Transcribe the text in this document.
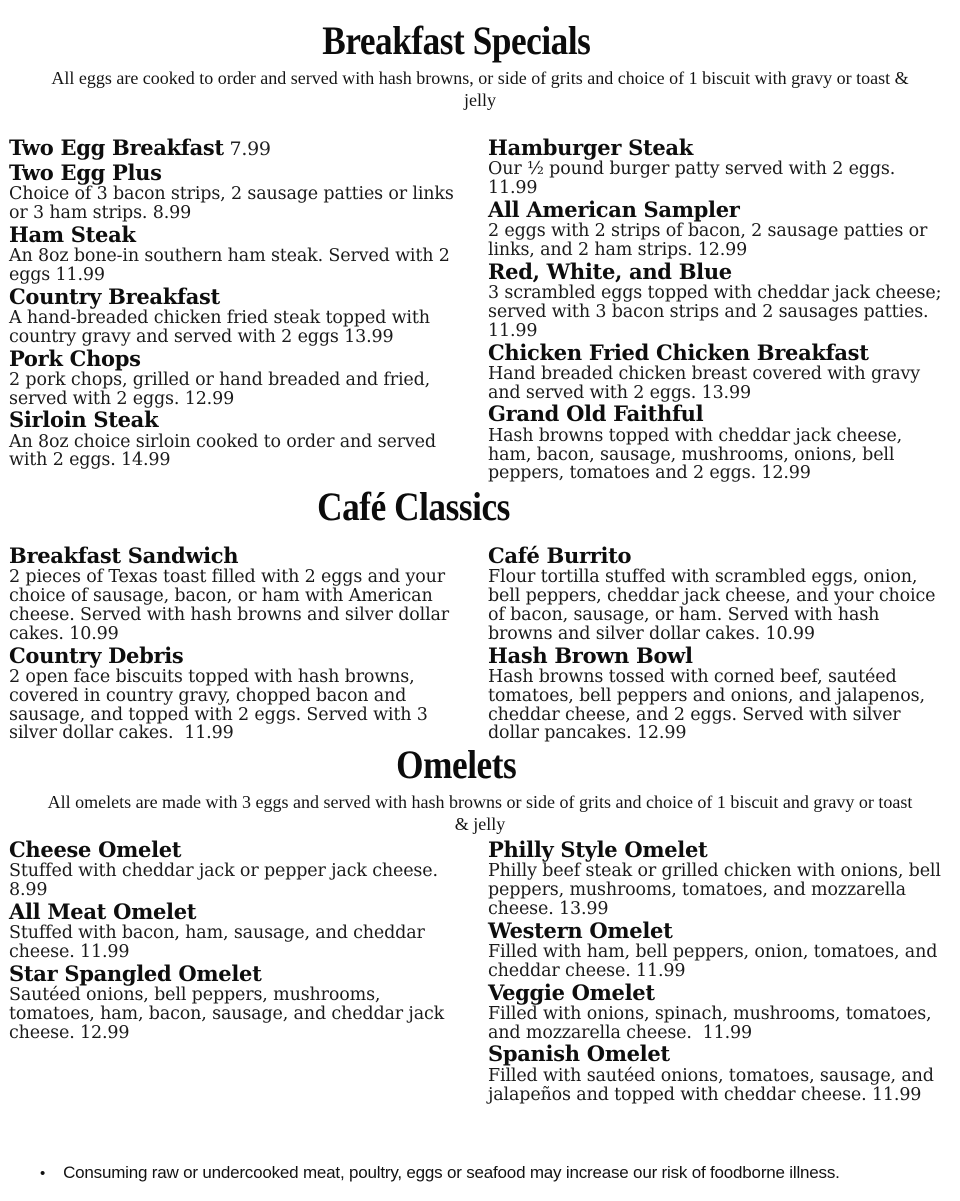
Breakfast Specials

All eggs are cooked to order and served with hash browns, or side of grits and choice of 1 biscuit with gravy or toast & jelly

Two Egg Breakfast 7.99
Two Egg Plus

Choice of 3 bacon strips, 2 sausage patties or links or 3 ham strips. 8.99

Ham Steak

An 8oz bone-in southern ham steak. Served with 2 eggs 11.99

Country Breakfast

A hand-breaded chicken fried steak topped with country gravy and served with 2 eggs 13.99

Pork Chops

2 pork chops, grilled or hand breaded and fried, served with 2 eggs. 12.99

Sirloin Steak

An 8oz choice sirloin cooked to order and served with 2 eggs. 14.99

Hamburger Steak

Our ½ pound burger patty served with 2 eggs. 11.99

All American Sampler

2 eggs with 2 strips of bacon, 2 sausage patties or links, and 2 ham strips. 12.99

Red, White, and Blue

3 scrambled eggs topped with cheddar jack cheese; served with 3 bacon strips and 2 sausages patties. 11.99

Chicken Fried Chicken Breakfast

Hand breaded chicken breast covered with gravy and served with 2 eggs. 13.99

Grand Old Faithful

Hash browns topped with cheddar jack cheese, ham, bacon, sausage, mushrooms, onions, bell peppers, tomatoes and 2 eggs. 12.99

Café Classics
Breakfast Sandwich

2 pieces of Texas toast filled with 2 eggs and your choice of sausage, bacon, or ham with American cheese. Served with hash browns and silver dollar cakes. 10.99

Country Debris

2 open face biscuits topped with hash browns, covered in country gravy, chopped bacon and sausage, and topped with 2 eggs. Served with 3 silver dollar cakes.  11.99

Café Burrito

Flour tortilla stuffed with scrambled eggs, onion, bell peppers, cheddar jack cheese, and your choice of bacon, sausage, or ham. Served with hash browns and silver dollar cakes. 10.99

Hash Brown Bowl

Hash browns tossed with corned beef, sautéed tomatoes, bell peppers and onions, and jalapenos, cheddar cheese, and 2 eggs. Served with silver dollar pancakes. 12.99

Omelets

All omelets are made with 3 eggs and served with hash browns or side of grits and choice of 1 biscuit and gravy or toast & jelly

Cheese Omelet

Stuffed with cheddar jack or pepper jack cheese. 8.99

All Meat Omelet

Stuffed with bacon, ham, sausage, and cheddar cheese. 11.99

Star Spangled Omelet

Sautéed onions, bell peppers, mushrooms, tomatoes, ham, bacon, sausage, and cheddar jack cheese. 12.99

Philly Style Omelet

Philly beef steak or grilled chicken with onions, bell peppers, mushrooms, tomatoes, and mozzarella cheese. 13.99

Western Omelet

Filled with ham, bell peppers, onion, tomatoes, and cheddar cheese. 11.99

Veggie Omelet

Filled with onions, spinach, mushrooms, tomatoes, and mozzarella cheese.  11.99

Spanish Omelet

Filled with sautéed onions, tomatoes, sausage, and jalapeños and topped with cheddar cheese. 11.99

• Consuming raw or undercooked meat, poultry, eggs or seafood may increase our risk of foodborne illness.
